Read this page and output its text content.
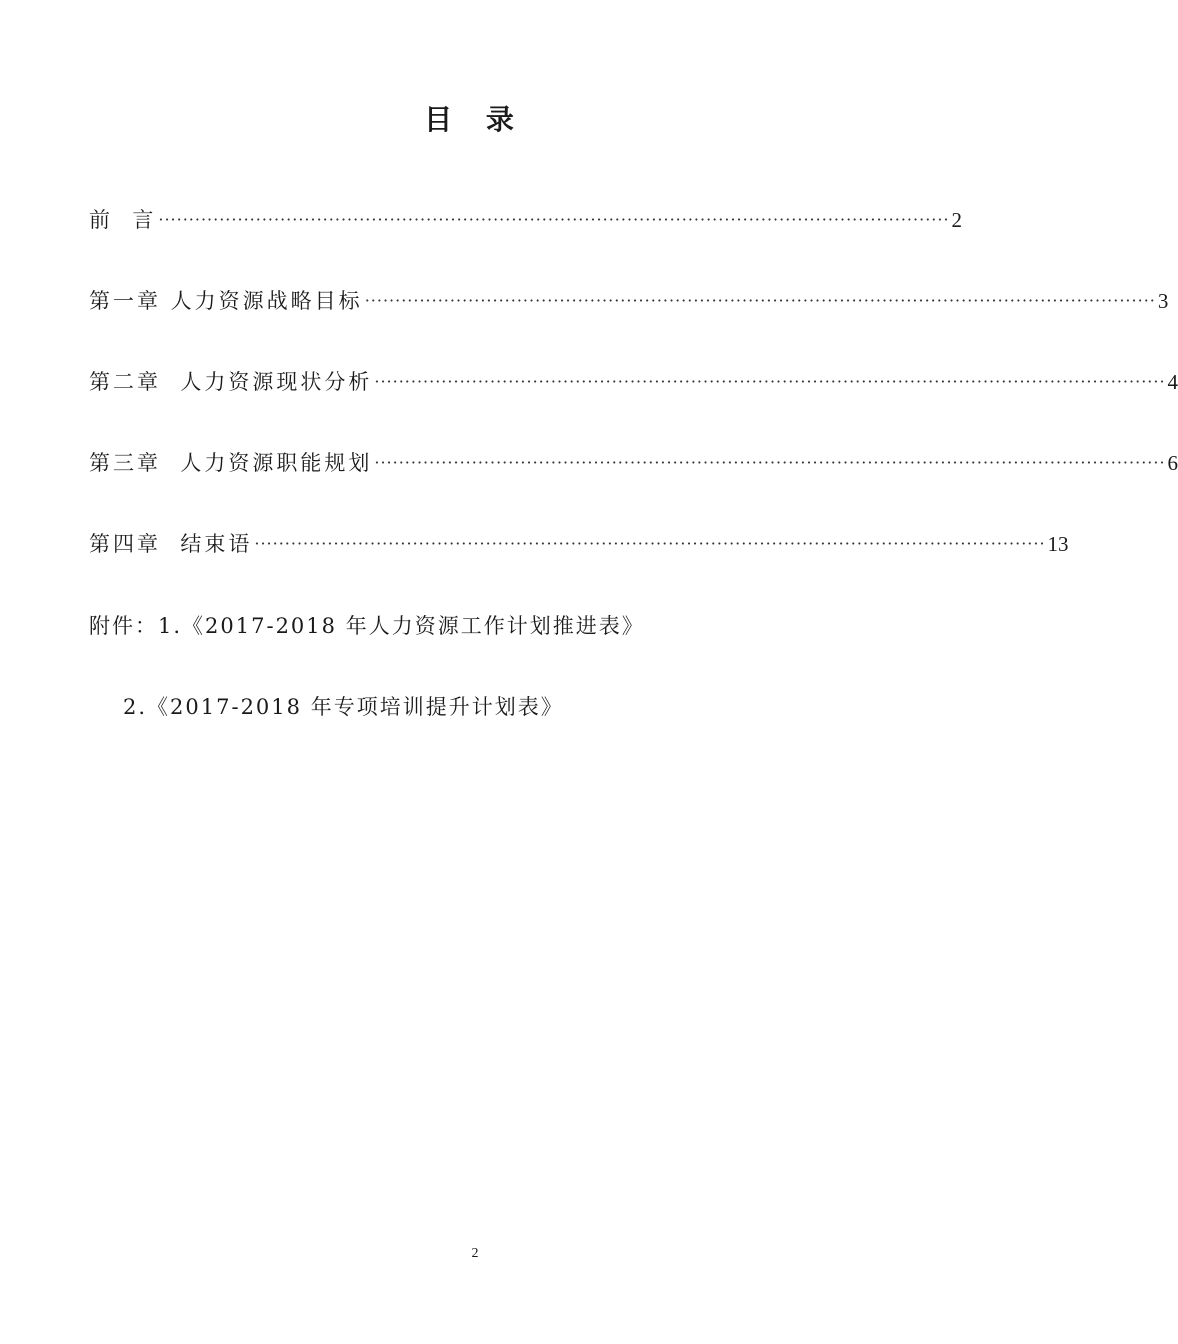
目 录
前  言 ·································································································································· 2
第一章 人力资源战略目标 ·································································································································· 3
第二章  人力资源现状分析 ·································································································································· 4
第三章  人力资源职能规划 ·································································································································· 6
第四章  结束语 ·································································································································· 13
附件：1.《2017-2018 年人力资源工作计划推进表》
2.《2017-2018 年专项培训提升计划表》
2
